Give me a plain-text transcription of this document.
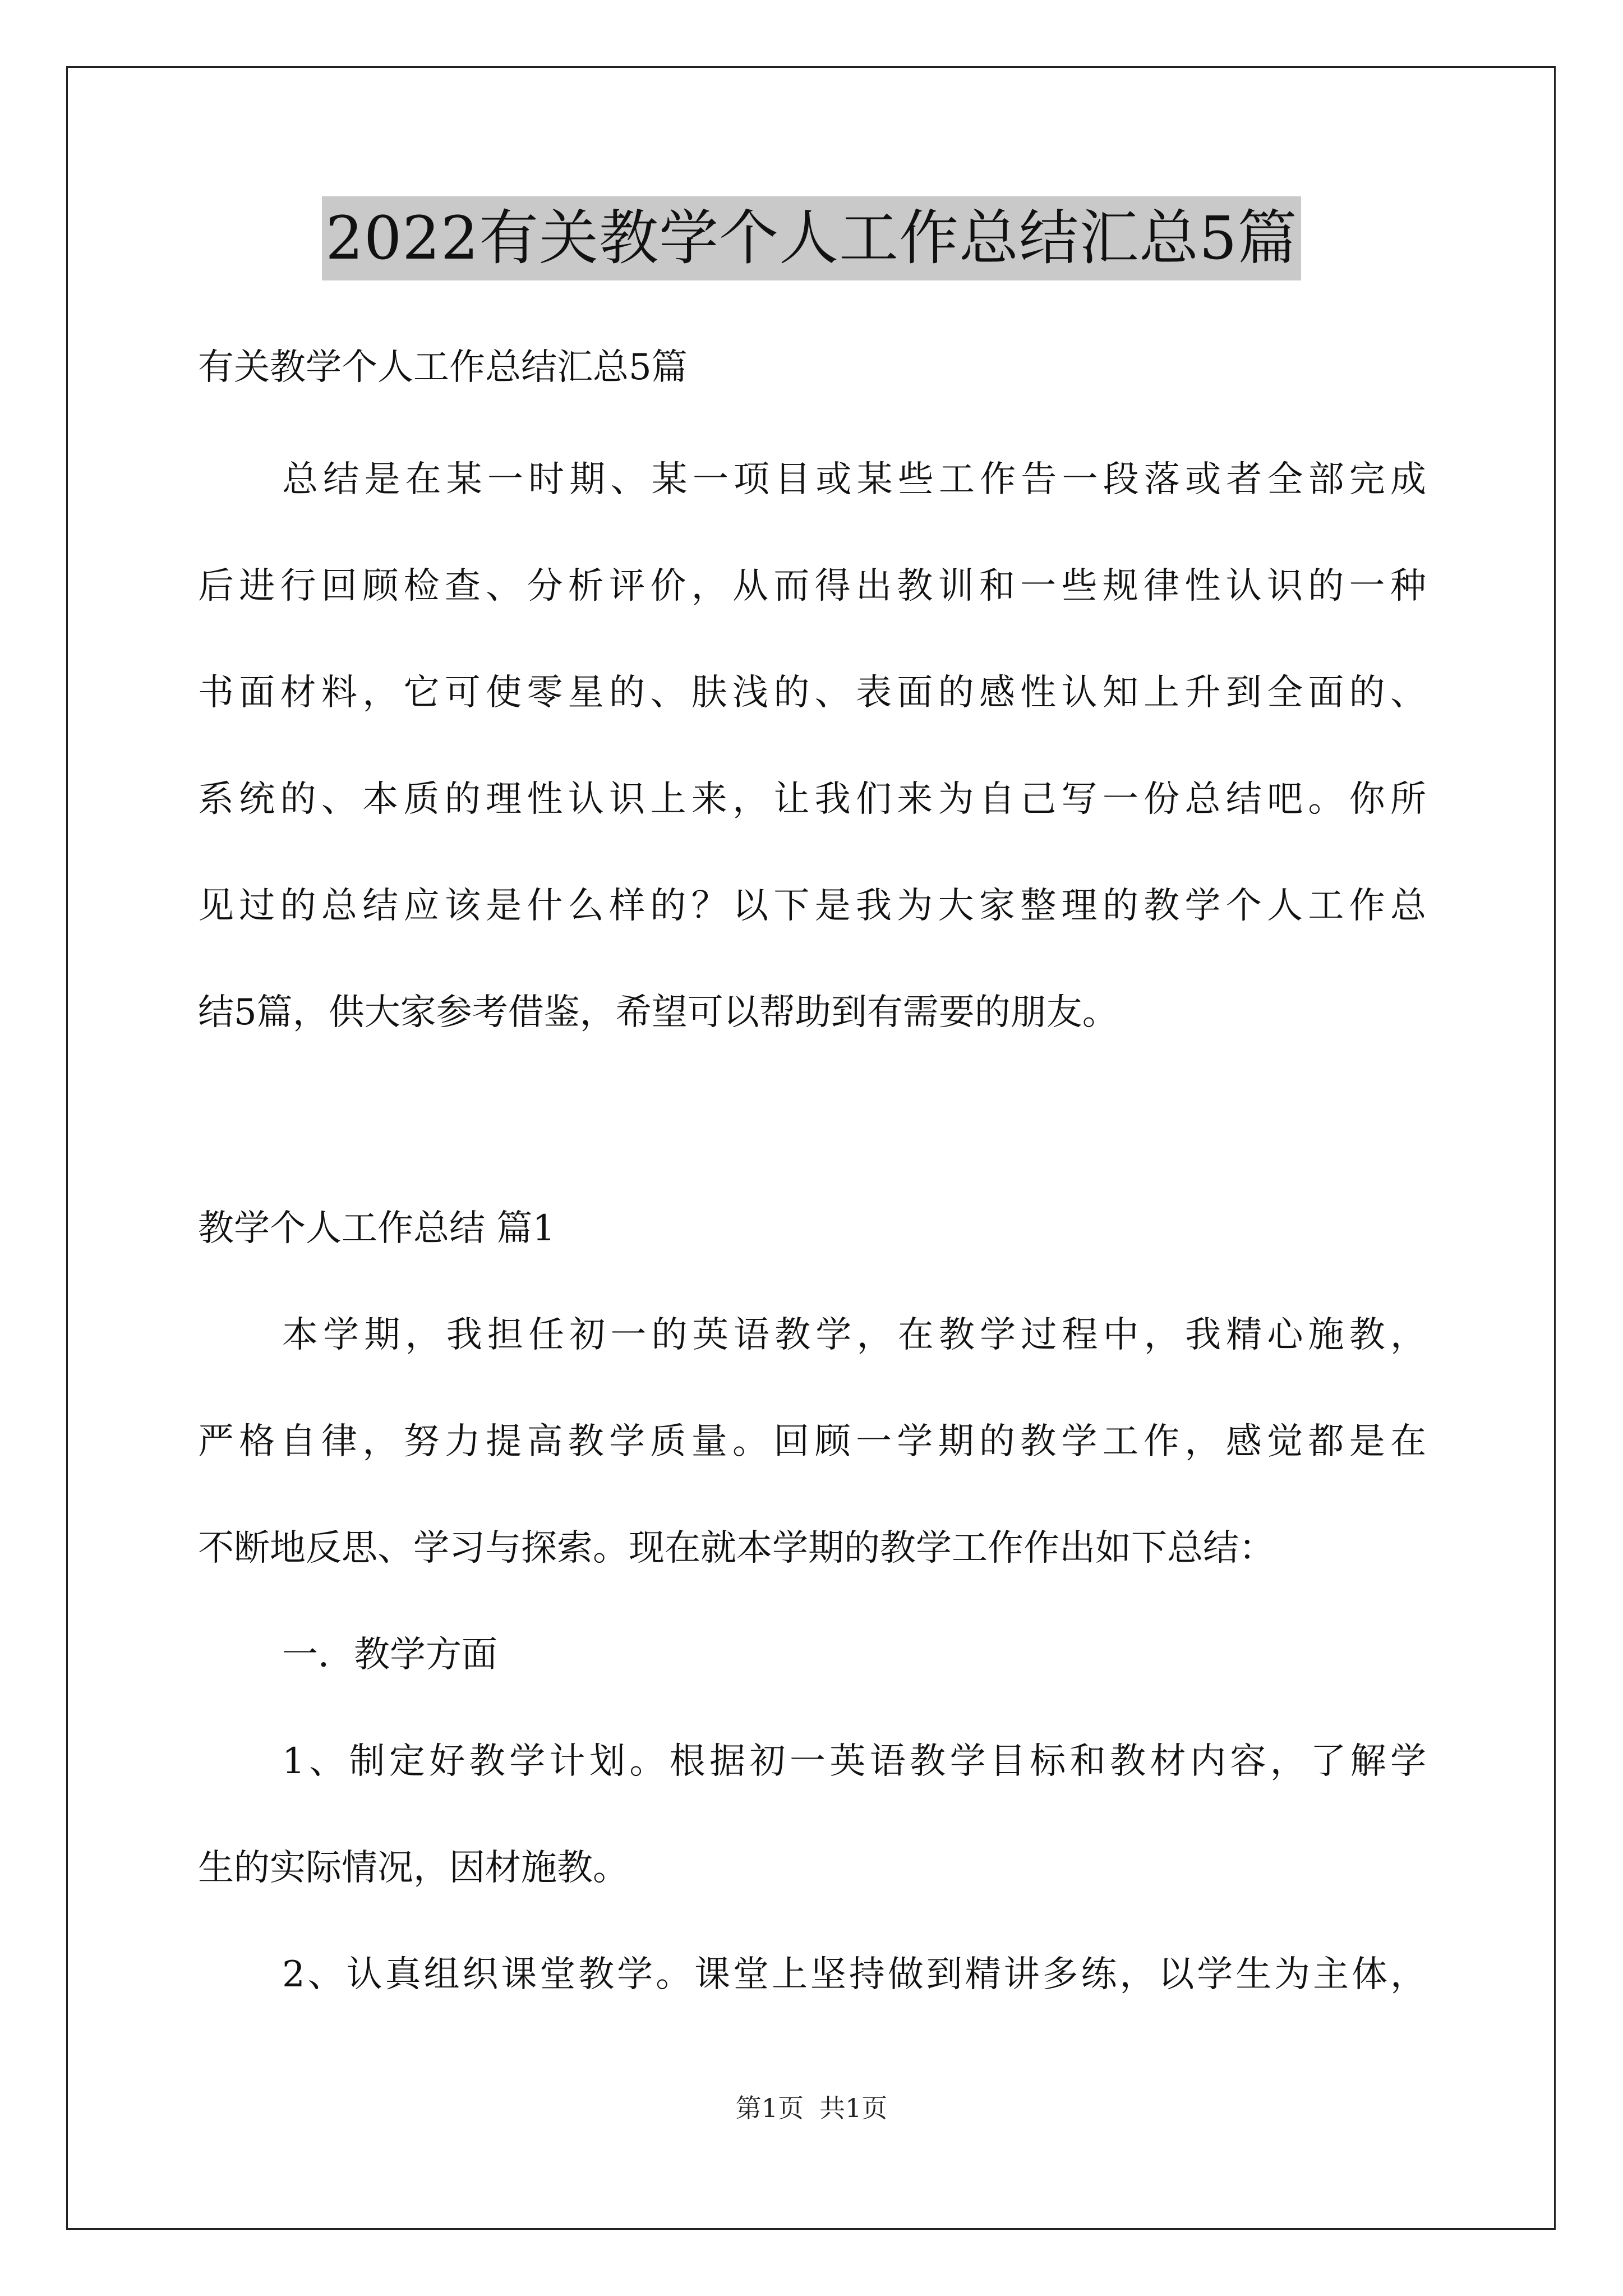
2022有关教学个人工作总结汇总5篇
有关教学个人工作总结汇总5篇
总结是在某一时期、某一项目或某些工作告一段落或者全部完成
后进行回顾检查、分析评价，从而得出教训和一些规律性认识的一种
书面材料，它可使零星的、肤浅的、表面的感性认知上升到全面的、
系统的、本质的理性认识上来，让我们来为自己写一份总结吧。你所
见过的总结应该是什么样的？以下是我为大家整理的教学个人工作总
结5篇，供大家参考借鉴，希望可以帮助到有需要的朋友。
教学个人工作总结 篇1
本学期，我担任初一的英语教学，在教学过程中，我精心施教，
严格自律，努力提高教学质量。回顾一学期的教学工作，感觉都是在
不断地反思、学习与探索。现在就本学期的教学工作作出如下总结：
一．教学方面
1、制定好教学计划。根据初一英语教学目标和教材内容，了解学
生的实际情况，因材施教。
2、认真组织课堂教学。课堂上坚持做到精讲多练，以学生为主体，
第1页 共1页
